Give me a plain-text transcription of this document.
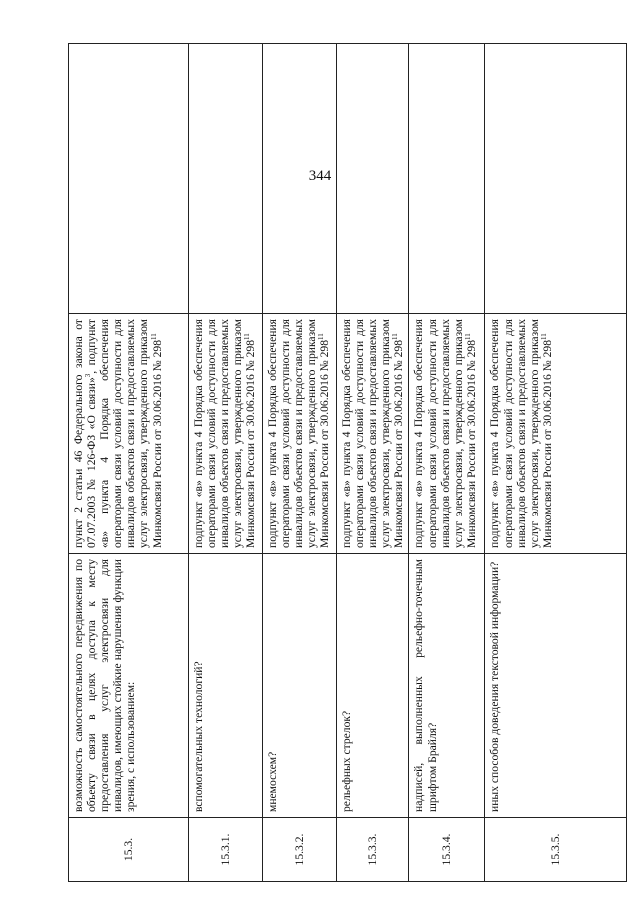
344
15.3.	возможность самостоятельного передвижения по объекту связи в целях доступа к месту предоставления услуг электросвязи для инвалидов, имеющих стойкие нарушения функции зрения, с использованием:	пункт 2 статьи 46 Федерального закона от 07.07.2003 № 126-ФЗ «О связи»$^3$, подпункт «в» пункта 4 Порядка обеспечения операторами связи условий доступности для инвалидов объектов связи и предоставляемых услуг электросвязи, утвержденного приказом Минкомсвязи России от 30.06.2016 № $298^{11}$	
15.3.1.	вспомогательных технологий?	подпункт «в» пункта 4 Порядка обеспечения операторами связи условий доступности для инвалидов объектов связи и предоставляемых услуг электросвязи, утвержденного приказом Минкомсвязи России от 30.06.2016 № $298^{11}$	
15.3.2.	мнемосхем?	подпункт «в» пункта 4 Порядка обеспечения операторами связи условий доступности для инвалидов объектов связи и предоставляемых услуг электросвязи, утвержденного приказом Минкомсвязи России от 30.06.2016 № $298^{11}$	
15.3.3.	рельефных стрелок?	подпункт «в» пункта 4 Порядка обеспечения операторами связи условий доступности для инвалидов объектов связи и предоставляемых услуг электросвязи, утвержденного приказом Минкомсвязи России от 30.06.2016 № $298^{11}$	
15.3.4.	надписей, выполненных рельефно-точечным шрифтом Брайля?	подпункт «в» пункта 4 Порядка обеспечения операторами связи условий доступности для инвалидов объектов связи и предоставляемых услуг электросвязи, утвержденного приказом Минкомсвязи России от 30.06.2016 № $298^{11}$	
15.3.5.	иных способов доведения текстовой информации?	подпункт «в» пункта 4 Порядка обеспечения операторами связи условий доступности для инвалидов объектов связи и предоставляемых услуг электросвязи, утвержденного приказом Минкомсвязи России от 30.06.2016 № $298^{11}$	
